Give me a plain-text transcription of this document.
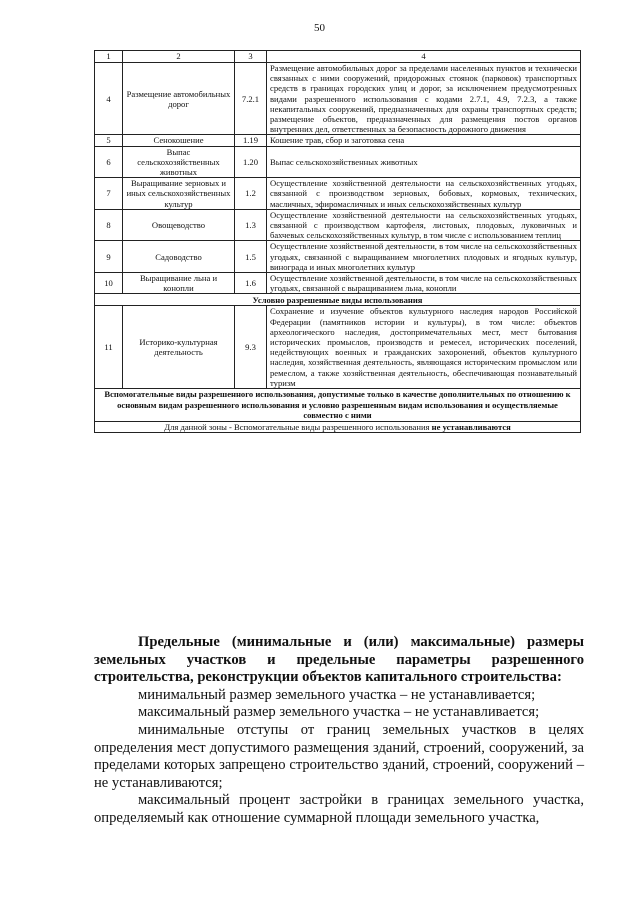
50
1	2	3	4
4	Размещение автомобильных дорог	7.2.1	Размещение автомобильных дорог за пределами населенных пунктов и технически связанных с ними сооружений, придорожных стоянок (парковок) транспортных средств в границах городских улиц и дорог, за исключением предусмотренных видами разрешенного использования с кодами 2.7.1, 4.9, 7.2.3, а также некапитальных сооружений, предназначенных для охраны транспортных средств; размещение объектов, предназначенных для размещения постов органов внутренних дел, ответственных за безопасность дорожного движения
5	Сенокошение	1.19	Кошение трав, сбор и заготовка сена
6	Выпас сельскохозяйственных животных	1.20	Выпас сельскохозяйственных животных
7	Выращивание зерновых и иных сельскохозяйственных культур	1.2	Осуществление хозяйственной деятельности на сельскохозяйственных угодьях, связанной с производством зерновых, бобовых, кормовых, технических, масличных, эфиромасличных и иных сельскохозяйственных культур
8	Овощеводство	1.3	Осуществление хозяйственной деятельности на сельскохозяйственных угодьях, связанной с производством картофеля, листовых, плодовых, луковичных и бахчевых сельскохозяйственных культур, в том числе с использованием теплиц
9	Садоводство	1.5	Осуществление хозяйственной деятельности, в том числе на сельскохозяйственных угодьях, связанной с выращиванием многолетних плодовых и ягодных культур, винограда и иных многолетних культур
10	Выращивание льна и конопли	1.6	Осуществление хозяйственной деятельности, в том числе на сельскохозяйственных угодьях, связанной с выращиванием льна, конопли
Условно разрешенные виды использования			
11	Историко-культурная деятельность	9.3	Сохранение и изучение объектов культурного наследия народов Российской Федерации (памятников истории и культуры), в том числе: объектов археологического наследия, достопримечательных мест, мест бытования исторических промыслов, производств и ремесел, исторических поселений, недействующих военных и гражданских захоронений, объектов культурного наследия, хозяйственная деятельность, являющаяся историческим промыслом или ремеслом, а также хозяйственная деятельность, обеспечивающая познавательный туризм
Вспомогательные виды разрешенного использования, допустимые только в качестве дополнительных по отношению к основным видам разрешенного использования и условно разрешенным видам использования и осуществляемые совместно с ними			
Для данной зоны - Вспомогательные виды разрешенного использования не устанавливаются			

Предельные (минимальные и (или) максимальные) размеры земельных участков и предельные параметры разрешенного строительства, реконструкции объектов капитального строительства:

минимальный размер земельного участка – не устанавливается;

максимальный размер земельного участка – не устанавливается;

минимальные отступы от границ земельных участков в целях определения мест допустимого размещения зданий, строений, сооружений, за пределами которых запрещено строительство зданий, строений, сооружений – не устанавливаются;

максимальный процент застройки в границах земельного участка, определяемый как отношение суммарной площади земельного участка,
